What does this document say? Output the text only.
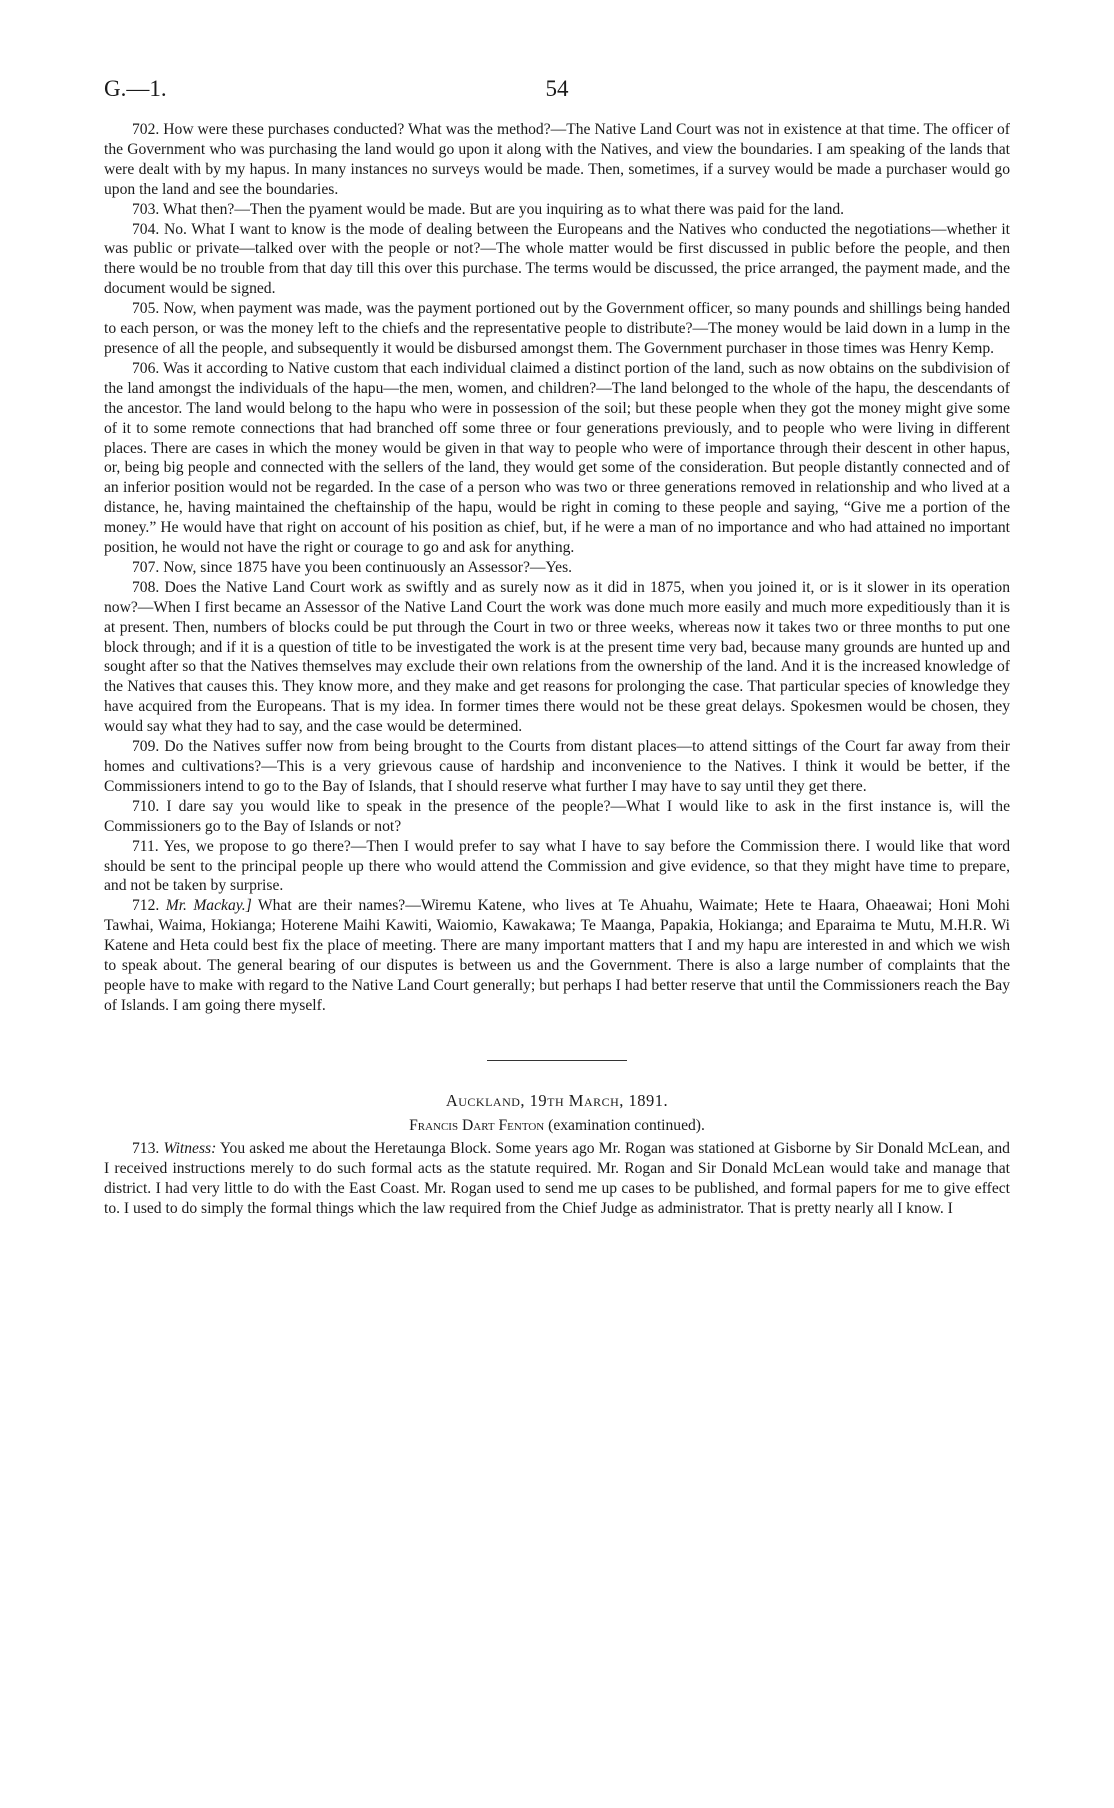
G.—1.	54

702. How were these purchases conducted? What was the method?—The Native Land Court was not in existence at that time. The officer of the Government who was purchasing the land would go upon it along with the Natives, and view the boundaries. I am speaking of the lands that were dealt with by my hapus. In many instances no surveys would be made. Then, sometimes, if a survey would be made a purchaser would go upon the land and see the boundaries.

703. What then?—Then the pyament would be made. But are you inquiring as to what there was paid for the land.

704. No. What I want to know is the mode of dealing between the Europeans and the Natives who conducted the negotiations—whether it was public or private—talked over with the people or not?—The whole matter would be first discussed in public before the people, and then there would be no trouble from that day till this over this purchase. The terms would be discussed, the price arranged, the payment made, and the document would be signed.

705. Now, when payment was made, was the payment portioned out by the Government officer, so many pounds and shillings being handed to each person, or was the money left to the chiefs and the representative people to distribute?—The money would be laid down in a lump in the presence of all the people, and subsequently it would be disbursed amongst them. The Government purchaser in those times was Henry Kemp.

706. Was it according to Native custom that each individual claimed a distinct portion of the land, such as now obtains on the subdivision of the land amongst the individuals of the hapu—the men, women, and children?—The land belonged to the whole of the hapu, the descendants of the ancestor. The land would belong to the hapu who were in possession of the soil; but these people when they got the money might give some of it to some remote connections that had branched off some three or four generations previously, and to people who were living in different places. There are cases in which the money would be given in that way to people who were of importance through their descent in other hapus, or, being big people and connected with the sellers of the land, they would get some of the consideration. But people distantly connected and of an inferior position would not be regarded. In the case of a person who was two or three generations removed in relationship and who lived at a distance, he, having maintained the cheftainship of the hapu, would be right in coming to these people and saying, “Give me a portion of the money.” He would have that right on account of his position as chief, but, if he were a man of no importance and who had attained no important position, he would not have the right or courage to go and ask for anything.

707. Now, since 1875 have you been continuously an Assessor?—Yes.

708. Does the Native Land Court work as swiftly and as surely now as it did in 1875, when you joined it, or is it slower in its operation now?—When I first became an Assessor of the Native Land Court the work was done much more easily and much more expeditiously than it is at present. Then, numbers of blocks could be put through the Court in two or three weeks, whereas now it takes two or three months to put one block through; and if it is a question of title to be investigated the work is at the present time very bad, because many grounds are hunted up and sought after so that the Natives themselves may exclude their own relations from the ownership of the land. And it is the increased knowledge of the Natives that causes this. They know more, and they make and get reasons for prolonging the case. That particular species of knowledge they have acquired from the Europeans. That is my idea. In former times there would not be these great delays. Spokesmen would be chosen, they would say what they had to say, and the case would be determined.

709. Do the Natives suffer now from being brought to the Courts from distant places—to attend sittings of the Court far away from their homes and cultivations?—This is a very grievous cause of hardship and inconvenience to the Natives. I think it would be better, if the Commissioners intend to go to the Bay of Islands, that I should reserve what further I may have to say until they get there.

710. I dare say you would like to speak in the presence of the people?—What I would like to ask in the first instance is, will the Commissioners go to the Bay of Islands or not?

711. Yes, we propose to go there?—Then I would prefer to say what I have to say before the Commission there. I would like that word should be sent to the principal people up there who would attend the Commission and give evidence, so that they might have time to prepare, and not be taken by surprise.

712. Mr. Mackay.] What are their names?—Wiremu Katene, who lives at Te Ahuahu, Waimate; Hete te Haara, Ohaeawai; Honi Mohi Tawhai, Waima, Hokianga; Hoterene Maihi Kawiti, Waiomio, Kawakawa; Te Maanga, Papakia, Hokianga; and Eparaima te Mutu, M.H.R. Wi Katene and Heta could best fix the place of meeting. There are many important matters that I and my hapu are interested in and which we wish to speak about. The general bearing of our disputes is between us and the Government. There is also a large number of complaints that the people have to make with regard to the Native Land Court generally; but perhaps I had better reserve that until the Commissioners reach the Bay of Islands. I am going there myself.

Auckland, 19th March, 1891.
Francis Dart Fenton (examination continued).

713. Witness: You asked me about the Heretaunga Block. Some years ago Mr. Rogan was stationed at Gisborne by Sir Donald McLean, and I received instructions merely to do such formal acts as the statute required. Mr. Rogan and Sir Donald McLean would take and manage that district. I had very little to do with the East Coast. Mr. Rogan used to send me up cases to be published, and formal papers for me to give effect to. I used to do simply the formal things which the law required from the Chief Judge as administrator. That is pretty nearly all I know. I
